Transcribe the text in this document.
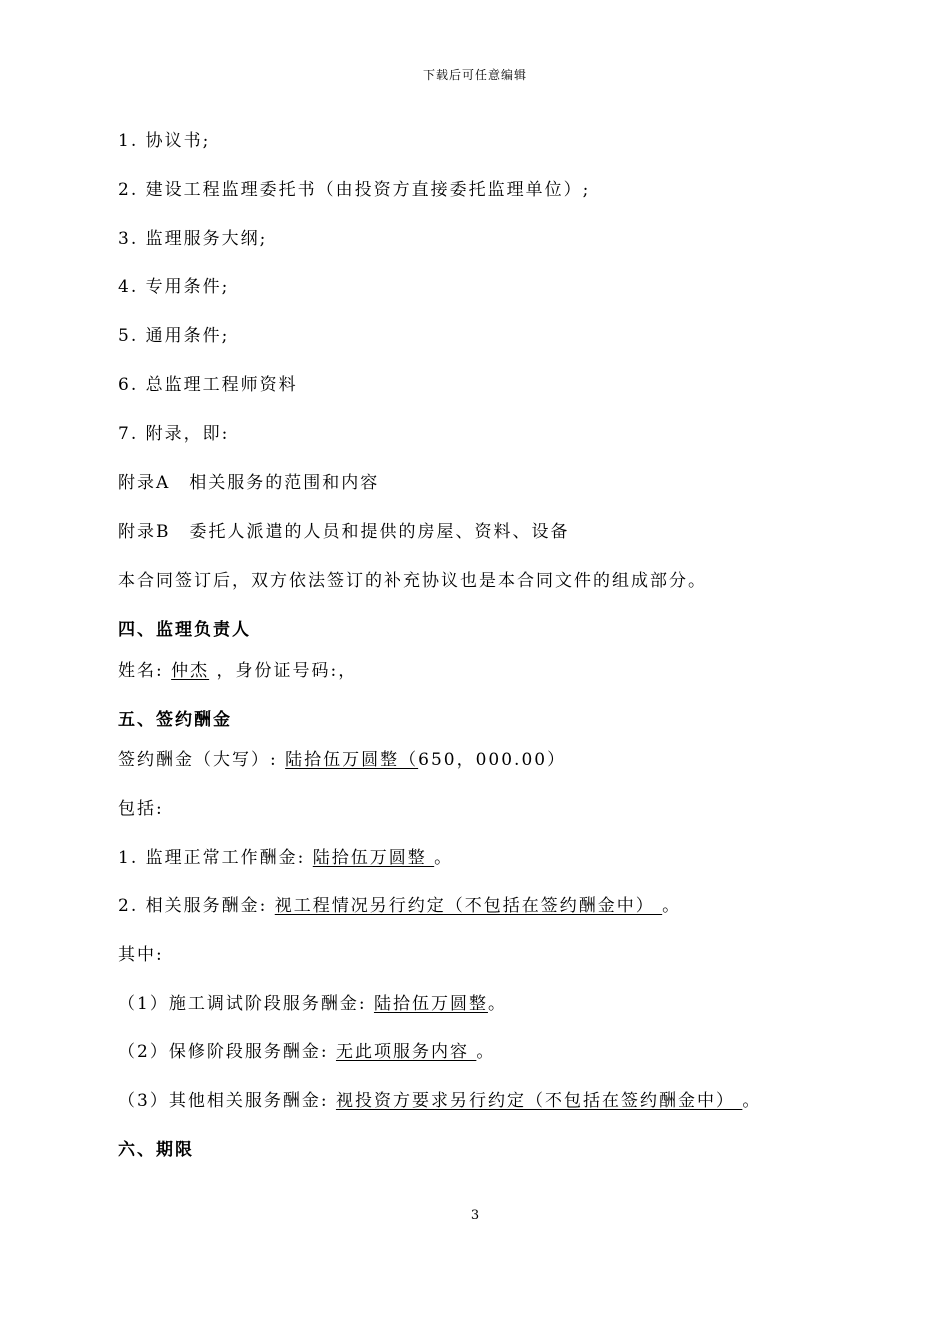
下载后可任意编辑
1. 协议书;
2. 建设工程监理委托书（由投资方直接委托监理单位）;
3. 监理服务大纲;
4. 专用条件;
5. 通用条件;
6. 总监理工程师资料
7. 附录，即:
附录A　相关服务的范围和内容
附录B　委托人派遣的人员和提供的房屋、资料、设备
本合同签订后，双方依法签订的补充协议也是本合同文件的组成部分。
四、监理负责人
姓名: 仲杰 ，身份证号码:，
五、签约酬金
签约酬金（大写）: 陆拾伍万圆整（650，000.00）
包括:
1. 监理正常工作酬金: 陆拾伍万圆整 。
2. 相关服务酬金: 视工程情况另行约定（不包括在签约酬金中） 。
其中:
（1）施工调试阶段服务酬金: 陆拾伍万圆整。
（2）保修阶段服务酬金: 无此项服务内容 。
（3）其他相关服务酬金: 视投资方要求另行约定（不包括在签约酬金中） 。
六、期限
3
